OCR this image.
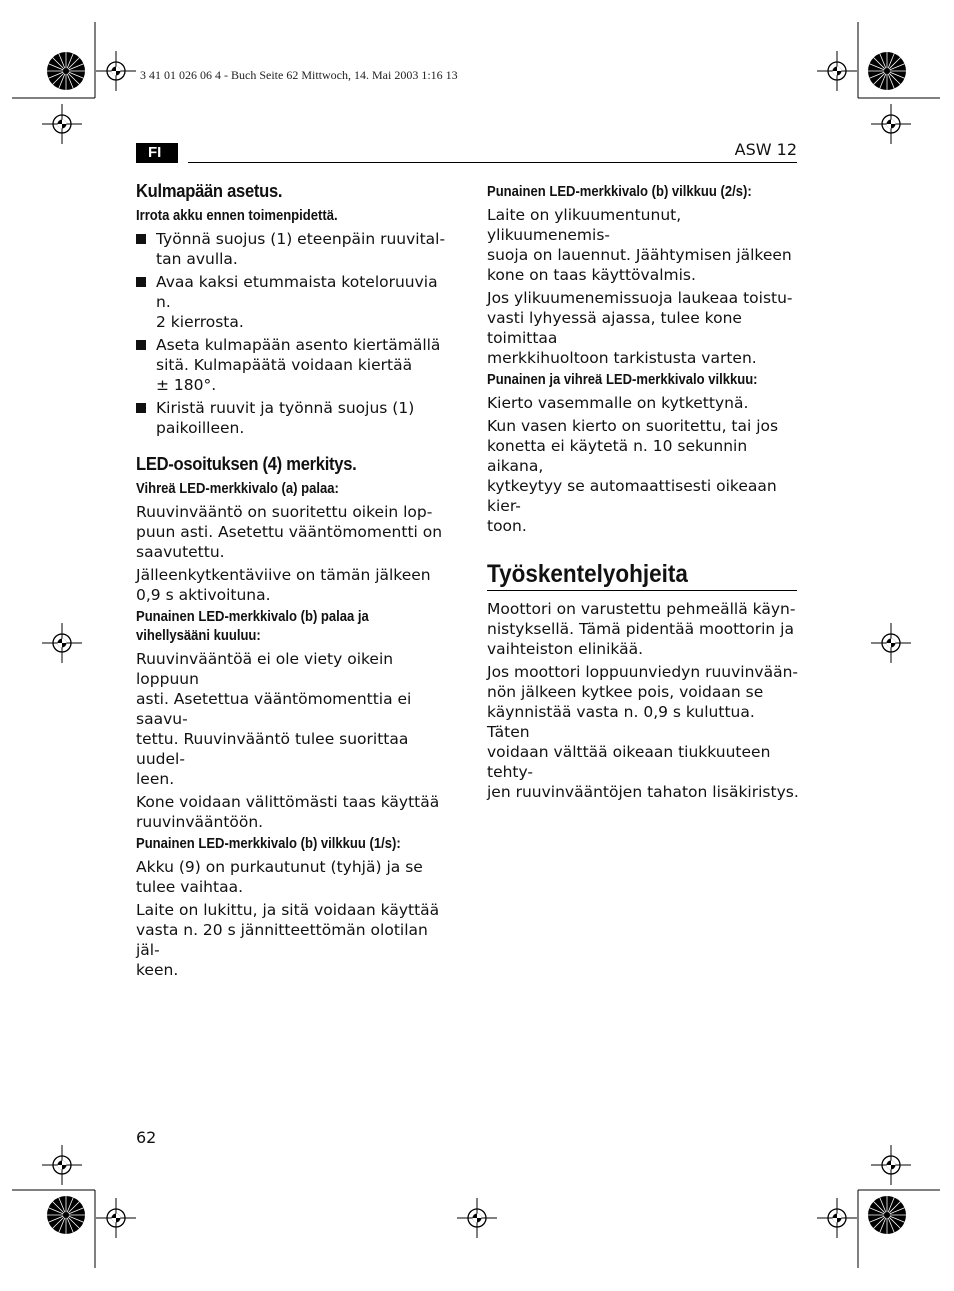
3 41 01 026 06 4 - Buch Seite 62 Mittwoch, 14. Mai 2003 1:16 13
FI	ASW 12
Kulmapään asetus.
Irrota akku ennen toimenpidettä.
Työnnä suojus (1) eteenpäin ruuvital-
tan avulla.
Avaa kaksi etummaista koteloruuvia n.
2 kierrosta.
Aseta kulmapään asento kiertämällä
sitä. Kulmapäätä voidaan kiertää
± 180°.
Kiristä ruuvit ja työnnä suojus (1)
paikoilleen.
LED-osoituksen (4) merkitys.
Vihreä LED-merkkivalo (a) palaa:
Ruuvinvääntö on suoritettu oikein lop-
puun asti. Asetettu vääntömomentti on
saavutettu.
Jälleenkytkentäviive on tämän jälkeen
0,9 s aktivoituna.
Punainen LED-merkkivalo (b) palaa ja
vihellysääni kuuluu:
Ruuvinvääntöä ei ole viety oikein loppuun
asti. Asetettua vääntömomenttia ei saavu-
tettu. Ruuvinvääntö tulee suorittaa uudel-
leen.
Kone voidaan välittömästi taas käyttää
ruuvinvääntöön.
Punainen LED-merkkivalo (b) vilkkuu (1/s):
Akku (9) on purkautunut (tyhjä) ja se
tulee vaihtaa.
Laite on lukittu, ja sitä voidaan käyttää
vasta n. 20 s jännitteettömän olotilan jäl-
keen.
Punainen LED-merkkivalo (b) vilkkuu (2/s):
Laite on ylikuumentunut, ylikuumenemis-
suoja on lauennut. Jäähtymisen jälkeen
kone on taas käyttövalmis.
Jos ylikuumenemissuoja laukeaa toistu-
vasti lyhyessä ajassa, tulee kone toimittaa
merkkihuoltoon tarkistusta varten.
Punainen ja vihreä LED-merkkivalo vilkkuu:
Kierto vasemmalle on kytkettynä.
Kun vasen kierto on suoritettu, tai jos
konetta ei käytetä n. 10 sekunnin aikana,
kytkeytyy se automaattisesti oikeaan kier-
toon.
Työskentelyohjeita
Moottori on varustettu pehmeällä käyn-
nistyksellä. Tämä pidentää moottorin ja
vaihteiston elinikää.
Jos moottori loppuunviedyn ruuvinvään-
nön jälkeen kytkee pois, voidaan se
käynnistää vasta n. 0,9 s kuluttua. Täten
voidaan välttää oikeaan tiukkuuteen tehty-
jen ruuvinvääntöjen tahaton lisäkiristys.
62
